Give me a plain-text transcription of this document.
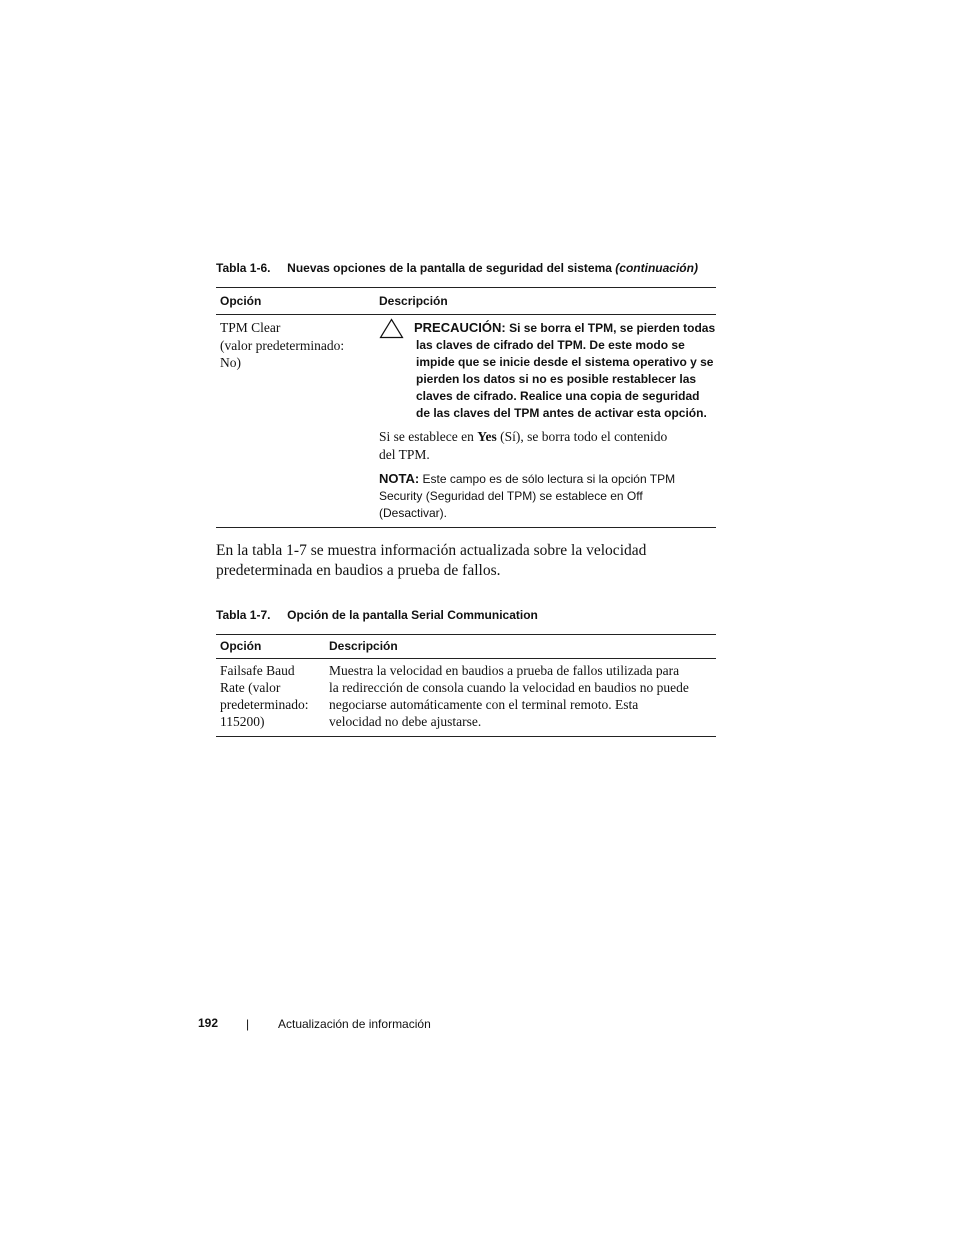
Tabla 1-6. Nuevas opciones de la pantalla de seguridad del sistema (continuación)
Opción	Descripción
TPM Clear
(valor predeterminado:
No)
PRECAUCIÓN: Si se borra el TPM, se pierden todas
las claves de cifrado del TPM. De este modo se
impide que se inicie desde el sistema operativo y se
pierden los datos si no es posible restablecer las
claves de cifrado. Realice una copia de seguridad
de las claves del TPM antes de activar esta opción.
Si se establece en Yes (Sí), se borra todo el contenido
del TPM.
NOTA: Este campo es de sólo lectura si la opción TPM
Security (Seguridad del TPM) se establece en Off
(Desactivar).
En la tabla 1-7 se muestra información actualizada sobre la velocidad
predeterminada en baudios a prueba de fallos.
Tabla 1-7. Opción de la pantalla Serial Communication
Opción	Descripción
Failsafe Baud
Rate (valor
predeterminado:
115200)
Muestra la velocidad en baudios a prueba de fallos utilizada para
la redirección de consola cuando la velocidad en baudios no puede
negociarse automáticamente con el terminal remoto. Esta
velocidad no debe ajustarse.
192 | Actualización de información
